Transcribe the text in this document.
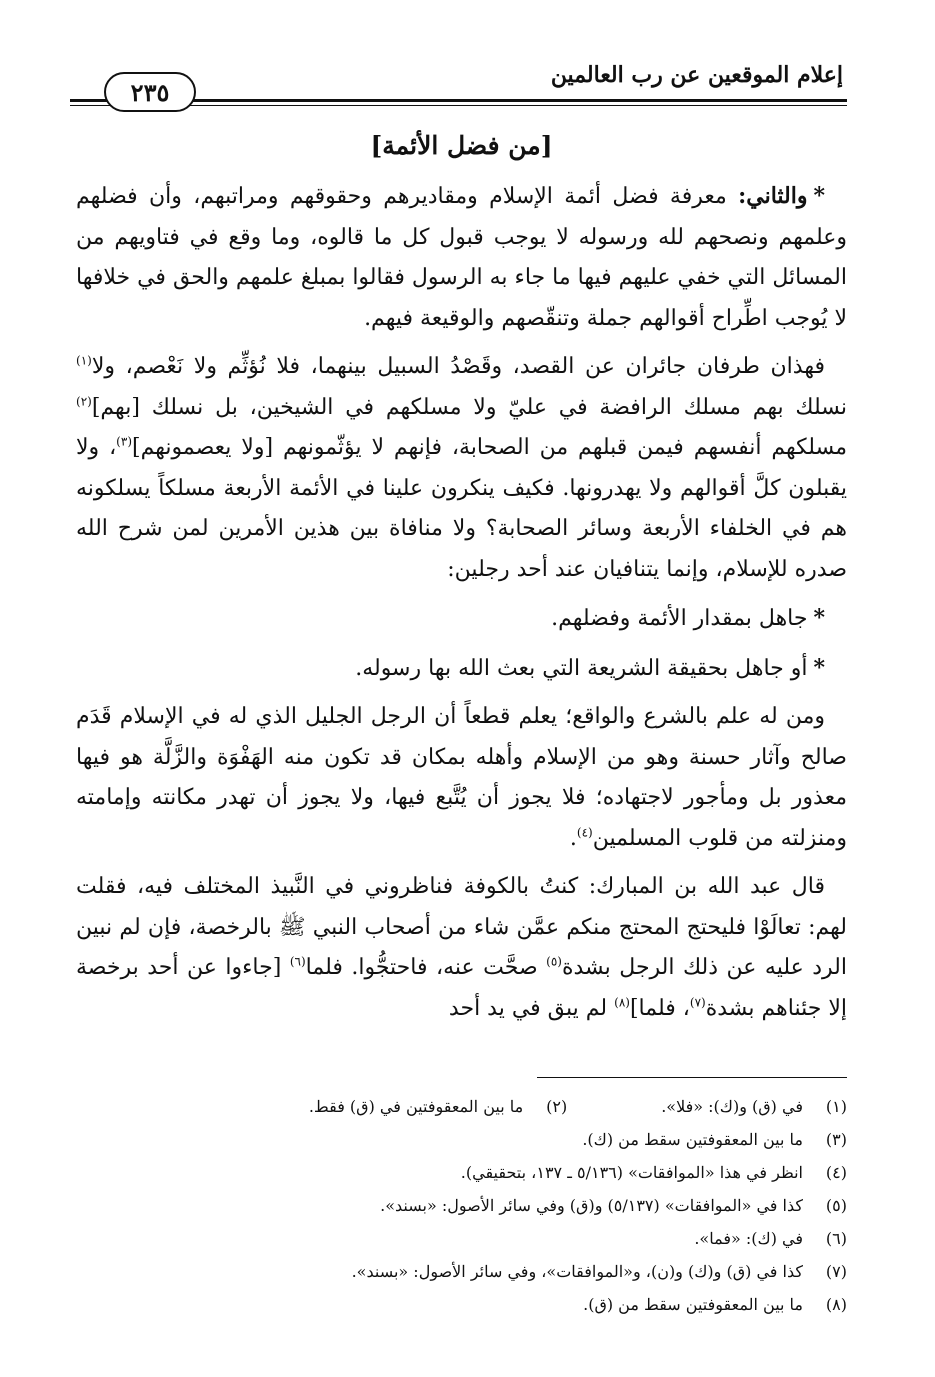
إعلام الموقعين عن رب العالمين
٢٣٥
[من فضل الأئمة]

*والثاني: معرفة فضل أئمة الإسلام ومقاديرهم وحقوقهم ومراتبهم، وأن فضلهم وعلمهم ونصحهم لله ورسوله لا يوجب قبول كل ما قالوه، وما وقع في فتاويهم من المسائل التي خفي عليهم فيها ما جاء به الرسول فقالوا بمبلغ علمهم والحق في خلافها لا يُوجب اطِّراح أقوالهم جملة وتنقّصهم والوقيعة فيهم.

فهذان طرفان جائران عن القصد، وقَصْدُ السبيل بينهما، فلا نُؤثِّم ولا نَعْصم، ولا$^{(١)}$ نسلك بهم مسلك الرافضة في عليّ ولا مسلكهم في الشيخين، بل نسلك [بهم]$^{(٢)}$ مسلكهم أنفسهم فيمن قبلهم من الصحابة، فإنهم لا يؤثّمونهم [ولا يعصمونهم]$^{(٣)}$، ولا يقبلون كلَّ أقوالهم ولا يهدرونها. فكيف ينكرون علينا في الأئمة الأربعة مسلكاً يسلكونه هم في الخلفاء الأربعة وسائر الصحابة؟ ولا منافاة بين هذين الأمرين لمن شرح الله صدره للإسلام، وإنما يتنافيان عند أحد رجلين:

*جاهل بمقدار الأئمة وفضلهم.

*أو جاهل بحقيقة الشريعة التي بعث الله بها رسوله.

ومن له علم بالشرع والواقع؛ يعلم قطعاً أن الرجل الجليل الذي له في الإسلام قَدَم صالح وآثار حسنة وهو من الإسلام وأهله بمكان قد تكون منه الهَفْوَة والزَّلَّة هو فيها معذور بل ومأجور لاجتهاده؛ فلا يجوز أن يُتَّبع فيها، ولا يجوز أن تهدر مكانته وإمامته ومنزلته من قلوب المسلمين$^{(٤)}$.

قال عبد الله بن المبارك: كنتُ بالكوفة فناظروني في النَّبيذ المختلف فيه، فقلت لهم: تعالَوْا فليحتج المحتج منكم عمَّن شاء من أصحاب النبي ﷺ بالرخصة، فإن لم نبين الرد عليه عن ذلك الرجل بشدة$^{(٥)}$ صحَّت عنه، فاحتجُّوا. فلما$^{(٦)}$ [جاءوا عن أحد برخصة إلا جئناهم بشدة$^{(٧)}$، فلما]$^{(٨)}$ لم يبق في يد أحد

(١)
في (ق) و(ك): «فلا».
(٢)
ما بين المعقوفتين في (ق) فقط.
(٣)
ما بين المعقوفتين سقط من (ك).
(٤)
انظر في هذا «الموافقات» (٥/١٣٦ ـ ١٣٧، بتحقيقي).
(٥)
كذا في «الموافقات» (٥/١٣٧) و(ق) وفي سائر الأصول: «بسند».
(٦)
في (ك): «فما».
(٧)
كذا في (ق) و(ك) و(ن)، و«الموافقات»، وفي سائر الأصول: «بسند».
(٨)
ما بين المعقوفتين سقط من (ق).
